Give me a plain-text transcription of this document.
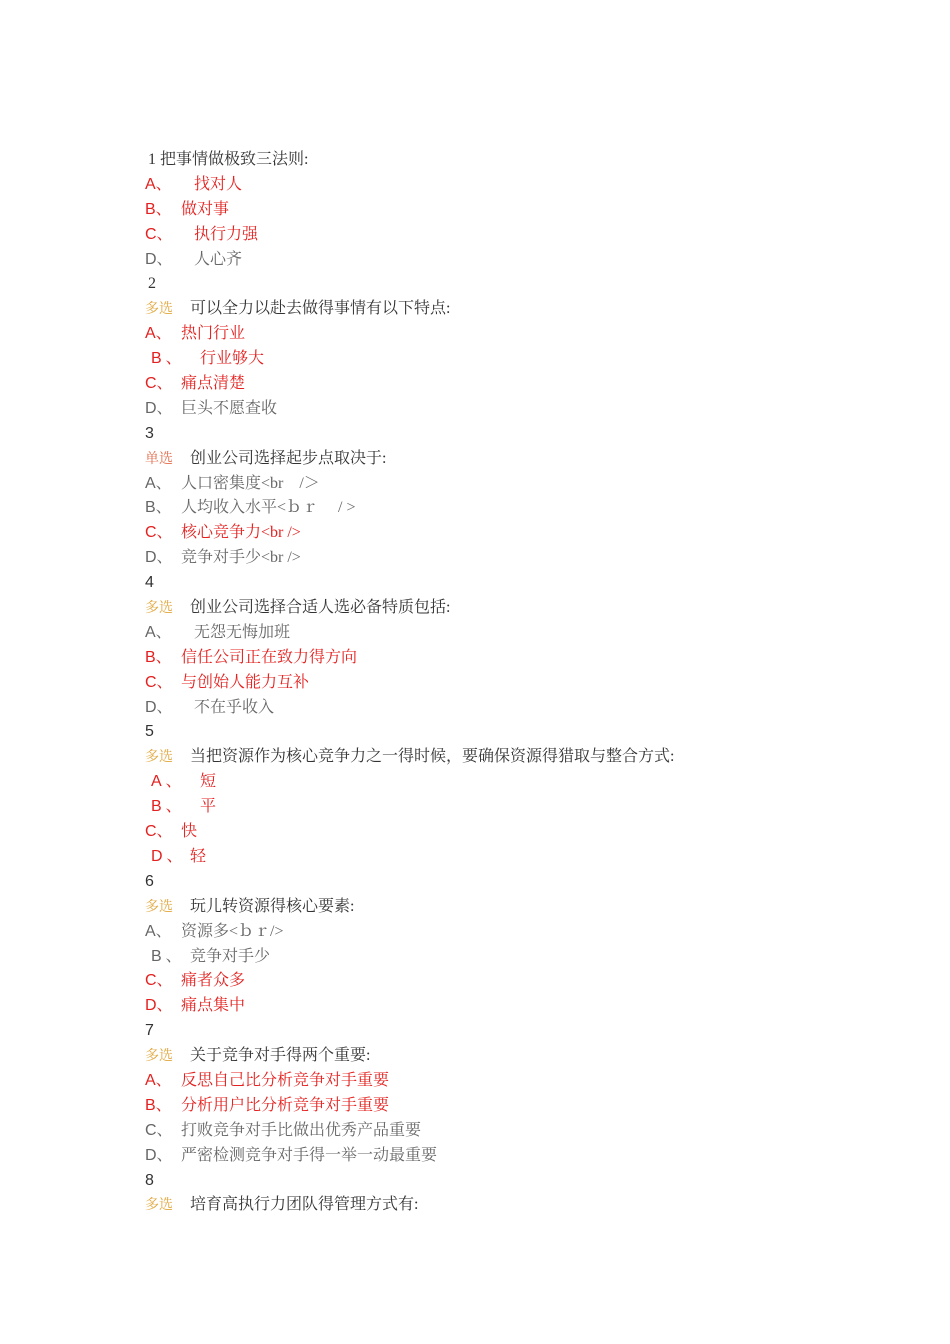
1 把事情做极致三法则:
A、 找对人
B、 做对事
C、 执行力强
D、 人心齐
2
多选 可以全力以赴去做得事情有以下特点:
A、 热门行业
B、 行业够大
C、 痛点清楚
D、 巨头不愿查收
3
单选 创业公司选择起步点取决于:
A、 人口密集度<br　/＞
B、 人均收入水平<ｂｒ　 / >
C、 核心竞争力<br />
D、 竞争对手少<br />
4
多选 创业公司选择合适人选必备特质包括:
A、 无怨无悔加班
B、 信任公司正在致力得方向
C、 与创始人能力互补
D、 不在乎收入
5
多选 当把资源作为核心竞争力之一得时候，要确保资源得猎取与整合方式:
A、 短
B、 平
C、 快
D、 轻
6
多选 玩儿转资源得核心要素:
A、 资源多<ｂｒ/>
B、 竞争对手少
C、 痛者众多
D、 痛点集中
7
多选 关于竞争对手得两个重要:
A、 反思自己比分析竞争对手重要
B、 分析用户比分析竞争对手重要
C、 打败竞争对手比做出优秀产品重要
D、 严密检测竞争对手得一举一动最重要
8
多选 培育高执行力团队得管理方式有:
